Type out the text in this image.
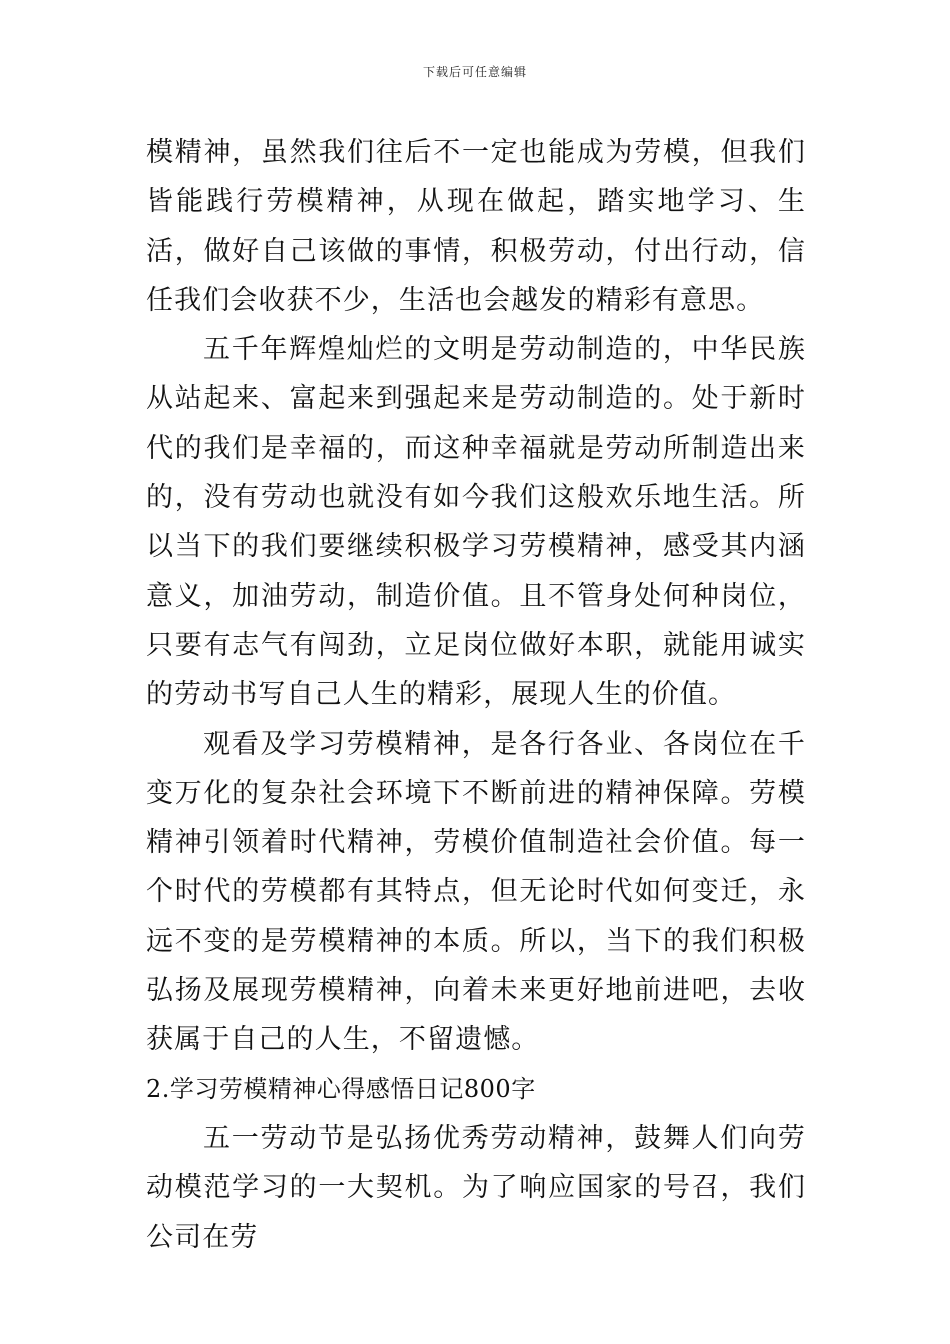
下载后可任意编辑

模精神，虽然我们往后不一定也能成为劳模，但我们皆能践行劳模精神，从现在做起，踏实地学习、生活，做好自己该做的事情，积极劳动，付出行动，信任我们会收获不少，生活也会越发的精彩有意思。

五千年辉煌灿烂的文明是劳动制造的，中华民族从站起来、富起来到强起来是劳动制造的。处于新时代的我们是幸福的，而这种幸福就是劳动所制造出来的，没有劳动也就没有如今我们这般欢乐地生活。所以当下的我们要继续积极学习劳模精神，感受其内涵意义，加油劳动，制造价值。且不管身处何种岗位，只要有志气有闯劲，立足岗位做好本职，就能用诚实的劳动书写自己人生的精彩，展现人生的价值。

观看及学习劳模精神，是各行各业、各岗位在千变万化的复杂社会环境下不断前进的精神保障。劳模精神引领着时代精神，劳模价值制造社会价值。每一个时代的劳模都有其特点，但无论时代如何变迁，永远不变的是劳模精神的本质。所以，当下的我们积极弘扬及展现劳模精神，向着未来更好地前进吧，去收获属于自己的人生，不留遗憾。

2.学习劳模精神心得感悟日记800字

五一劳动节是弘扬优秀劳动精神，鼓舞人们向劳动模范学习的一大契机。为了响应国家的号召，我们公司在劳
